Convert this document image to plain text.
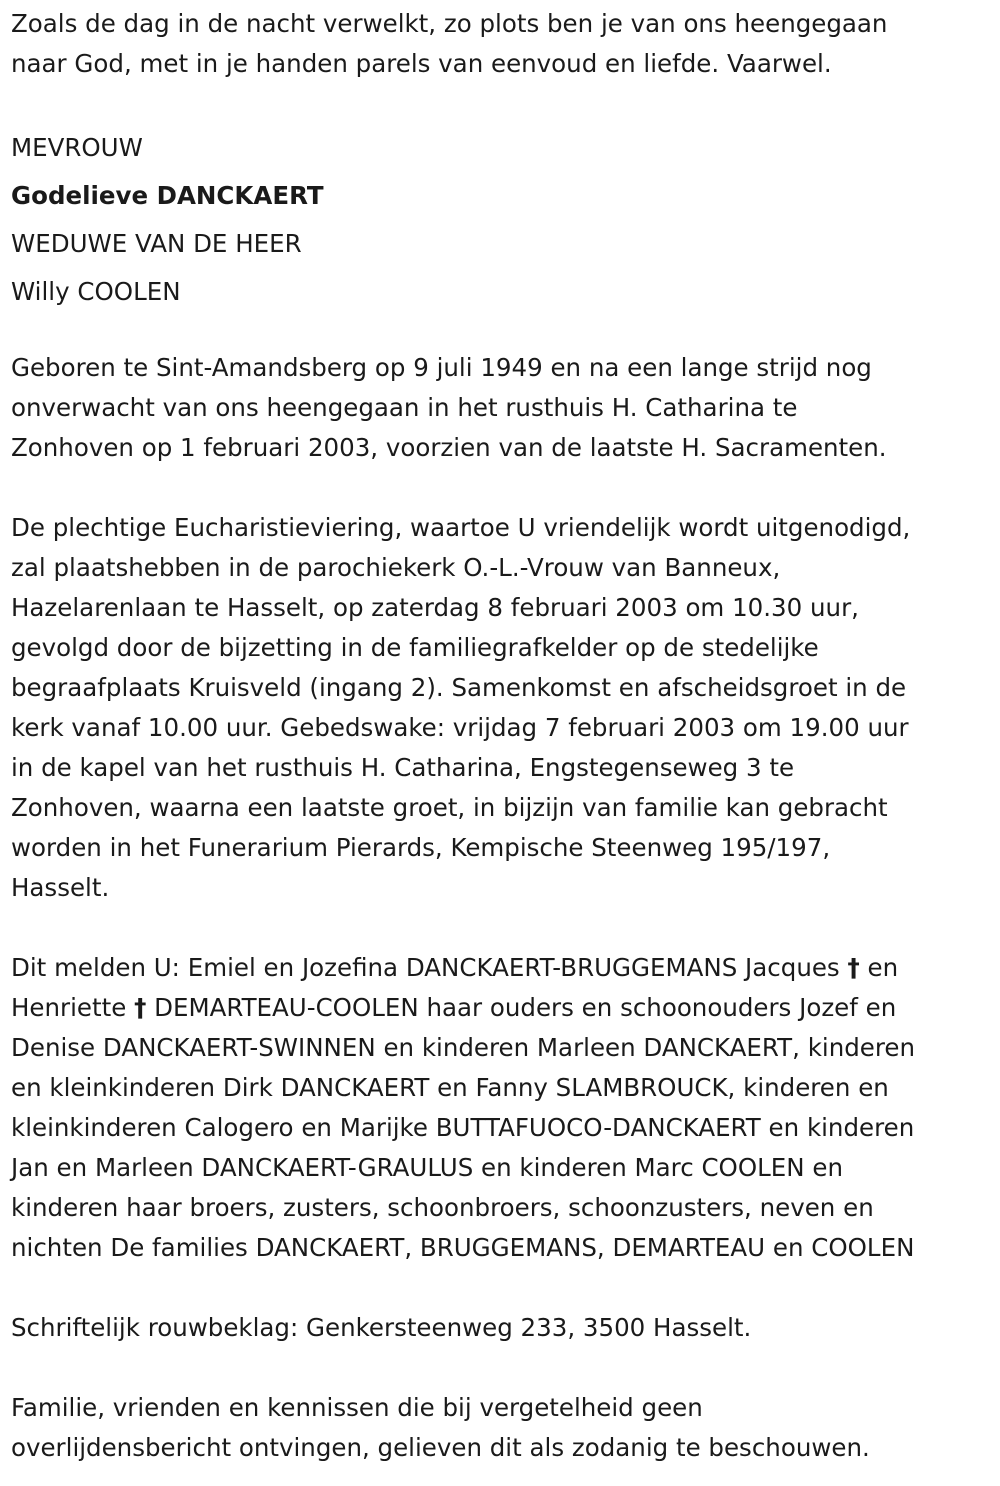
Zoals de dag in de nacht verwelkt, zo plots ben je van ons heengegaan

naar God, met in je handen parels van eenvoud en liefde. Vaarwel.

MEVROUW

Godelieve DANCKAERT

WEDUWE VAN DE HEER

Willy COOLEN

Geboren te Sint-Amandsberg op 9 juli 1949 en na een lange strijd nog

onverwacht van ons heengegaan in het rusthuis H. Catharina te

Zonhoven op 1 februari 2003, voorzien van de laatste H. Sacramenten.

De plechtige Eucharistieviering, waartoe U vriendelijk wordt uitgenodigd,

zal plaatshebben in de parochiekerk O.-L.-Vrouw van Banneux,

Hazelarenlaan te Hasselt, op zaterdag 8 februari 2003 om 10.30 uur,

gevolgd door de bijzetting in de familiegrafkelder op de stedelijke

begraafplaats Kruisveld (ingang 2). Samenkomst en afscheidsgroet in de

kerk vanaf 10.00 uur. Gebedswake: vrijdag 7 februari 2003 om 19.00 uur

in de kapel van het rusthuis H. Catharina, Engstegenseweg 3 te

Zonhoven, waarna een laatste groet, in bijzijn van familie kan gebracht

worden in het Funerarium Pierards, Kempische Steenweg 195/197,

Hasselt.

Dit melden U: Emiel en Jozefina DANCKAERT-BRUGGEMANS Jacques † en

Henriette † DEMARTEAU-COOLEN haar ouders en schoonouders Jozef en

Denise DANCKAERT-SWINNEN en kinderen Marleen DANCKAERT, kinderen

en kleinkinderen Dirk DANCKAERT en Fanny SLAMBROUCK, kinderen en

kleinkinderen Calogero en Marijke BUTTAFUOCO-DANCKAERT en kinderen

Jan en Marleen DANCKAERT-GRAULUS en kinderen Marc COOLEN en

kinderen haar broers, zusters, schoonbroers, schoonzusters, neven en

nichten De families DANCKAERT, BRUGGEMANS, DEMARTEAU en COOLEN

Schriftelijk rouwbeklag: Genkersteenweg 233, 3500 Hasselt.

Familie, vrienden en kennissen die bij vergetelheid geen

overlijdensbericht ontvingen, gelieven dit als zodanig te beschouwen.
